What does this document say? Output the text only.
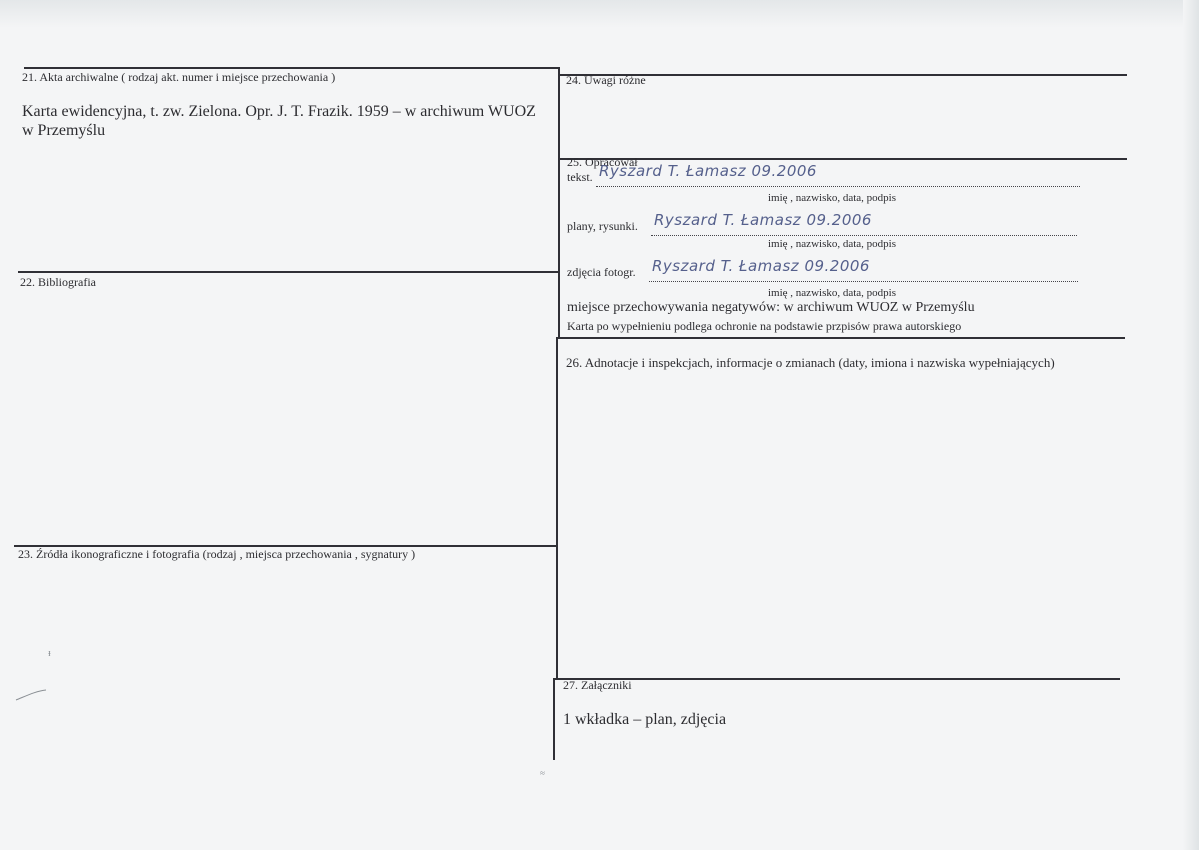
21. Akta archiwalne ( rodzaj akt. numer i miejsce przechowania )
Karta ewidencyjna, t. zw. Zielona. Opr. J. T. Frazik. 1959 – w archiwum WUOZ w Przemyślu
22. Bibliografia
23. Źródła ikonograficzne i fotografia (rodzaj , miejsca przechowania , sygnatury )
24. Uwagi różne
25. Opracował
tekst. Ryszard T. Łamasz 09.2006
imię , nazwisko, data, podpis
plany, rysunki. Ryszard T. Łamasz 09.2006
imię , nazwisko, data, podpis
zdjęcia fotogr. Ryszard T. Łamasz 09.2006
imię , nazwisko, data, podpis
miejsce przechowywania negatywów: w archiwum WUOZ w Przemyślu
Karta po wypełnieniu podlega ochronie na podstawie przpisów prawa autorskiego
26. Adnotacje i inspekcjach, informacje o zmianach (daty, imiona i nazwiska wypełniających)
27. Załączniki
1 wkładka – plan, zdjęcia
ᵻ
≈
